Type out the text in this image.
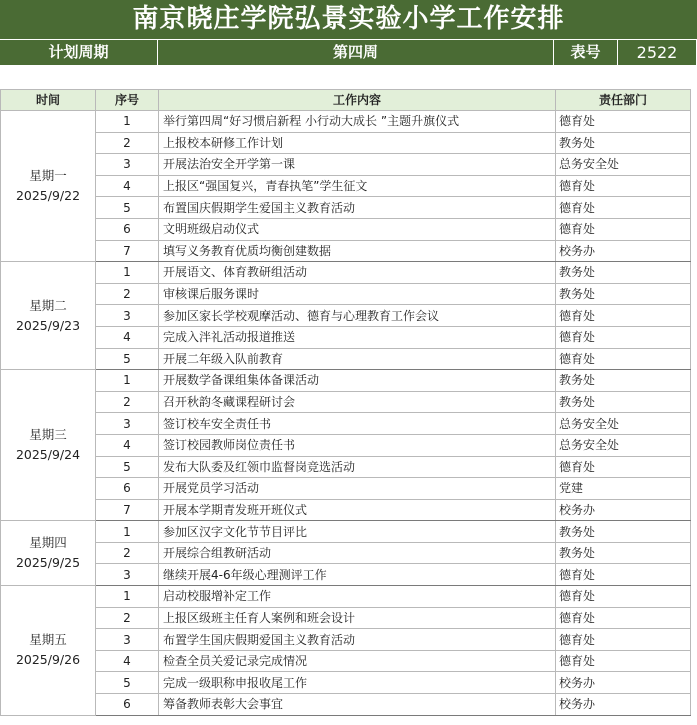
南京晓庄学院弘景实验小学工作安排
计划周期	第四周	表号	2522
时间	序号	工作内容	责任部门

星期一
2025/9/22	1	举行第四周“好习惯启新程 小行动大成长 ”主题升旗仪式	德育处
	2	上报校本研修工作计划	教务处
	3	开展法治安全开学第一课	总务安全处
	4	上报区“强国复兴，青春执笔”学生征文	德育处
	5	布置国庆假期学生爱国主义教育活动	德育处
	6	文明班级启动仪式	德育处
	7	填写义务教育优质均衡创建数据	校务办

星期二
2025/9/23	1	开展语文、体育教研组活动	教务处
	2	审核课后服务课时	教务处
	3	参加区家长学校观摩活动、德育与心理教育工作会议	德育处
	4	完成入泮礼活动报道推送	德育处
	5	开展二年级入队前教育	德育处

星期三
2025/9/24	1	开展数学备课组集体备课活动	教务处
	2	召开秋韵冬藏课程研讨会	教务处
	3	签订校车安全责任书	总务安全处
	4	签订校园教师岗位责任书	总务安全处
	5	发布大队委及红领巾监督岗竞选活动	德育处
	6	开展党员学习活动	党建
	7	开展本学期青发班开班仪式	校务办

星期四
2025/9/25	1	参加区汉字文化节节目评比	教务处
	2	开展综合组教研活动	教务处
	3	继续开展4-6年级心理测评工作	德育处

星期五
2025/9/26	1	启动校服增补定工作	德育处
	2	上报区级班主任育人案例和班会设计	德育处
	3	布置学生国庆假期爱国主义教育活动	德育处
	4	检查全员关爱记录完成情况	德育处
	5	完成一级职称申报收尾工作	校务办
	6	筹备教师表彰大会事宜	校务办
